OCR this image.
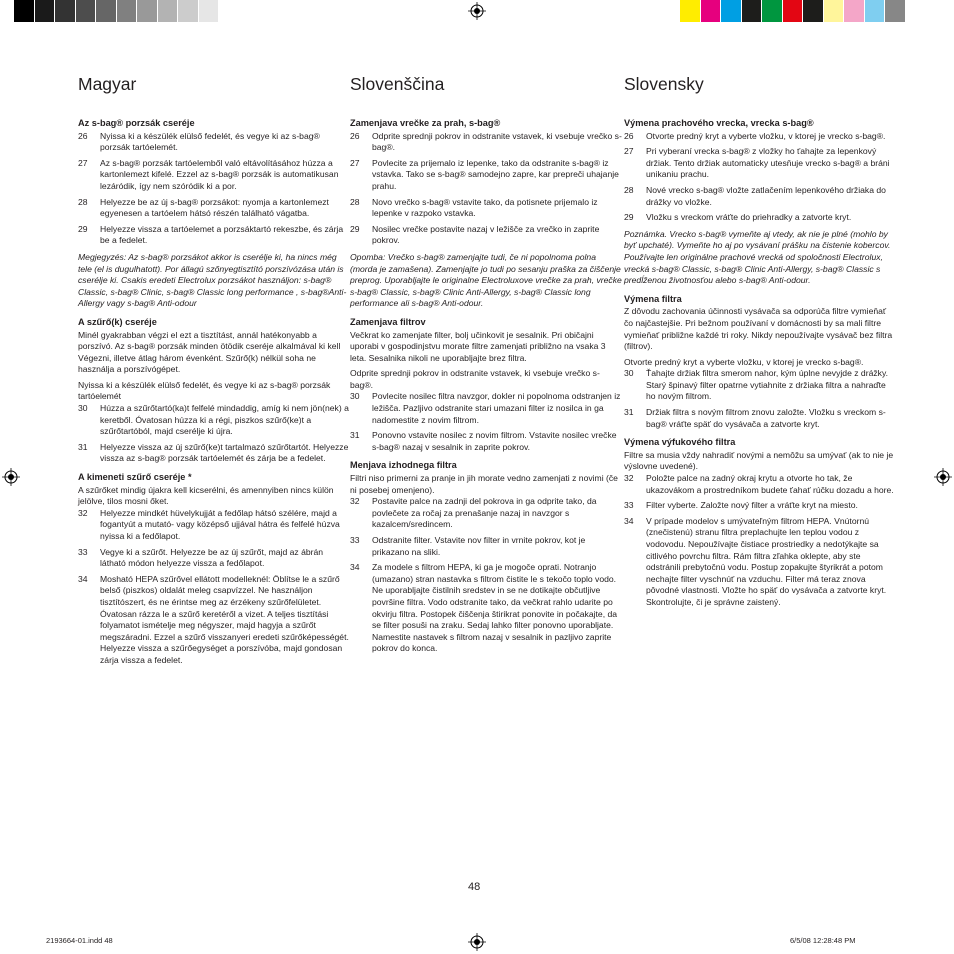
Magyar
Az s-bag® porzsák cseréje
26	Nyissa ki a készülék elülső fedelét, és vegye ki az s-bag® porzsák tartóelemét.
27	Az s-bag® porzsák tartóelemből való eltávolításához húzza a kartonlemezt kifelé. Ezzel az s-bag® porzsák is automatikusan lezáródik, így nem szóródik ki a por.
28	Helyezze be az új s-bag® porzsákot: nyomja a kartonlemezt egyenesen a tartóelem hátsó részén található vágatba.
29	Helyezze vissza a tartóelemet a porzsáktartó rekeszbe, és zárja be a fedelet.

Megjegyzés: Az s-bag® porzsákot akkor is cserélje ki, ha nincs még tele (el is dugulhatott). Por állagú szőnyegtisztító porszívózása után is cserélje ki. Csakis eredeti Electrolux porzsákot használjon: s-bag® Classic, s-bag® Clinic, s-bag® Classic long performance , s-bag®Anti-Allergy vagy s-bag® Anti-odour

A szűrő(k) cseréje

Minél gyakrabban végzi el ezt a tisztítást, annál hatékonyabb a porszívó. Az s-bag® porzsák minden ötödik cseréje alkalmával ki kell Végezni, illetve átlag három évenként. Szűrő(k) nélkül soha ne használja a porszívógépet.

Nyissa ki a készülék elülső fedelét, és vegye ki az s-bag® porzsák tartóelemét

30	Húzza a szűrőtartó(ka)t felfelé mindaddig, amíg ki nem jön(nek) a keretből. Óvatosan húzza ki a régi, piszkos szűrő(ke)t a szűrőtartóból, majd cserélje ki újra.
31	Helyezze vissza az új szűrő(ke)t tartalmazó szűrőtartót. Helyezze vissza az s-bag® porzsák tartóelemét és zárja be a fedelet.
A kimeneti szűrő cseréje *

A szűrőket mindig újakra kell kicserélni, és amennyiben nincs külön jelölve, tilos mosni őket.

32	Helyezze mindkét hüvelykujját a fedőlap hátsó szélére, majd a fogantyút a mutató- vagy középső ujjával hátra és felfelé húzva nyissa ki a fedőlapot.
33	Vegye ki a szűrőt. Helyezze be az új szűrőt, majd az ábrán látható módon helyezze vissza a fedőlapot.
34	Mosható HEPA szűrővel ellátott modelleknél: Öblítse le a szűrő belső (piszkos) oldalát meleg csapvízzel. Ne használjon tisztítószert, és ne érintse meg az érzékeny szűrőfelületet. Óvatosan rázza le a szűrő keretéről a vizet. A teljes tisztítási folyamatot ismételje meg négyszer, majd hagyja a szűrőt megszáradni. Ezzel a szűrő visszanyeri eredeti szűrőképességét. Helyezze vissza a szűrőegységet a porszívóba, majd gondosan zárja vissza a fedelet.
Slovenščina
Zamenjava vrečke za prah, s-bag®
26	Odprite sprednji pokrov in odstranite vstavek, ki vsebuje vrečko s-bag®.
27	Povlecite za prijemalo iz lepenke, tako da odstranite s-bag® iz vstavka. Tako se s-bag® samodejno zapre, kar prepreči uhajanje prahu.
28	Novo vrečko s-bag® vstavite tako, da potisnete prijemalo iz lepenke v razpoko vstavka.
29	Nosilec vrečke postavite nazaj v ležišče za vrečko in zaprite pokrov.

Opomba: Vrečko s-bag® zamenjajte tudi, če ni popolnoma polna (morda je zamašena). Zamenjajte jo tudi po sesanju praška za čiščenje preprog. Uporabljajte le originalne Electroluxove vrečke za prah, vrečke s-bag® Classic, s-bag® Clinic Anti-Allergy, s-bag® Classic long performance ali s-bag® Anti-odour.

Zamenjava filtrov

Večkrat ko zamenjate filter, bolj učinkovit je sesalnik. Pri običajni uporabi v gospodinjstvu morate filtre zamenjati približno na vsaka 3 leta. Sesalnika nikoli ne uporabljajte brez filtra.

Odprite sprednji pokrov in odstranite vstavek, ki vsebuje vrečko s-bag®.

30	Povlecite nosilec filtra navzgor, dokler ni popolnoma odstranjen iz ležišča. Pazljivo odstranite stari umazani filter iz nosilca in ga nadomestite z novim filtrom.
31	Ponovno vstavite nosilec z novim filtrom. Vstavite nosilec vrečke s-bag® nazaj v sesalnik in zaprite pokrov.
Menjava izhodnega filtra

Filtri niso primerni za pranje in jih morate vedno zamenjati z novimi (če ni posebej omenjeno).

32	Postavite palce na zadnji del pokrova in ga odprite tako, da povlečete za ročaj za prenašanje nazaj in navzgor s kazalcem/sredincem.
33	Odstranite filter. Vstavite nov filter in vrnite pokrov, kot je prikazano na sliki.
34	Za modele s filtrom HEPA, ki ga je mogoče oprati. Notranjo (umazano) stran nastavka s filtrom čistite le s tekočo toplo vodo. Ne uporabljajte čistilnih sredstev in se ne dotikajte občutljive površine filtra. Vodo odstranite tako, da večkrat rahlo udarite po okvirju filtra. Postopek čiščenja štirikrat ponovite in počakajte, da se filter posuši na zraku. Sedaj lahko filter ponovno uporabljate. Namestite nastavek s filtrom nazaj v sesalnik in pazljivo zaprite pokrov do konca.
Slovensky
Výmena prachového vrecka, vrecka s-bag®
26	Otvorte predný kryt a vyberte vložku, v ktorej je vrecko s-bag®.
27	Pri vyberaní vrecka s-bag® z vložky ho ťahajte za lepenkový držiak. Tento držiak automaticky utesňuje vrecko s-bag® a bráni unikaniu prachu.
28	Nové vrecko s-bag® vložte zatlačením lepenkového držiaka do drážky vo vložke.
29	Vložku s vreckom vráťte do priehradky a zatvorte kryt.

Poznámka. Vrecko s-bag® vymeňte aj vtedy, ak nie je plné (mohlo by byť upchaté). Vymeňte ho aj po vysávaní prášku na čistenie kobercov. Používajte len originálne prachové vrecká od spoločnosti Electrolux, vrecká s-bag® Classic, s-bag® Clinic Anti-Allergy, s-bag® Classic s predĺženou životnosťou alebo s-bag® Anti-odour.

Výmena filtra

Z dôvodu zachovania účinnosti vysávača sa odporúča filtre vymieňať čo najčastejšie. Pri bežnom používaní v domácnosti by sa mali filtre vymieňať približne každé tri roky. Nikdy nepoužívajte vysávač bez filtra (filtrov).

Otvorte predný kryt a vyberte vložku, v ktorej je vrecko s-bag®.

30	Ťahajte držiak filtra smerom nahor, kým úplne nevyjde z drážky. Starý špinavý filter opatrne vytiahnite z držiaka filtra a nahraďte ho novým filtrom.
31	Držiak filtra s novým filtrom znovu založte. Vložku s vreckom s-bag® vráťte späť do vysávača a zatvorte kryt.
Výmena výfukového filtra

Filtre sa musia vždy nahradiť novými a nemôžu sa umývať (ak to nie je výslovne uvedené).

32	Položte palce na zadný okraj krytu a otvorte ho tak, že ukazovákom a prostredníkom budete ťahať rúčku dozadu a hore.
33	Filter vyberte. Založte nový filter a vráťte kryt na miesto.
34	V prípade modelov s umývateľným filtrom HEPA. Vnútornú (znečistenú) stranu filtra preplachujte len teplou vodou z vodovodu. Nepoužívajte čistiace prostriedky a nedotýkajte sa citlivého povrchu filtra. Rám filtra zľahka oklepte, aby ste odstránili prebytočnú vodu. Postup zopakujte štyrikrát a potom nechajte filter vyschnúť na vzduchu. Filter má teraz znova pôvodné vlastnosti. Vložte ho späť do vysávača a zatvorte kryt. Skontrolujte, či je správne zaistený.
48
2193664-01.indd 48	6/5/08 12:28:48 PM
